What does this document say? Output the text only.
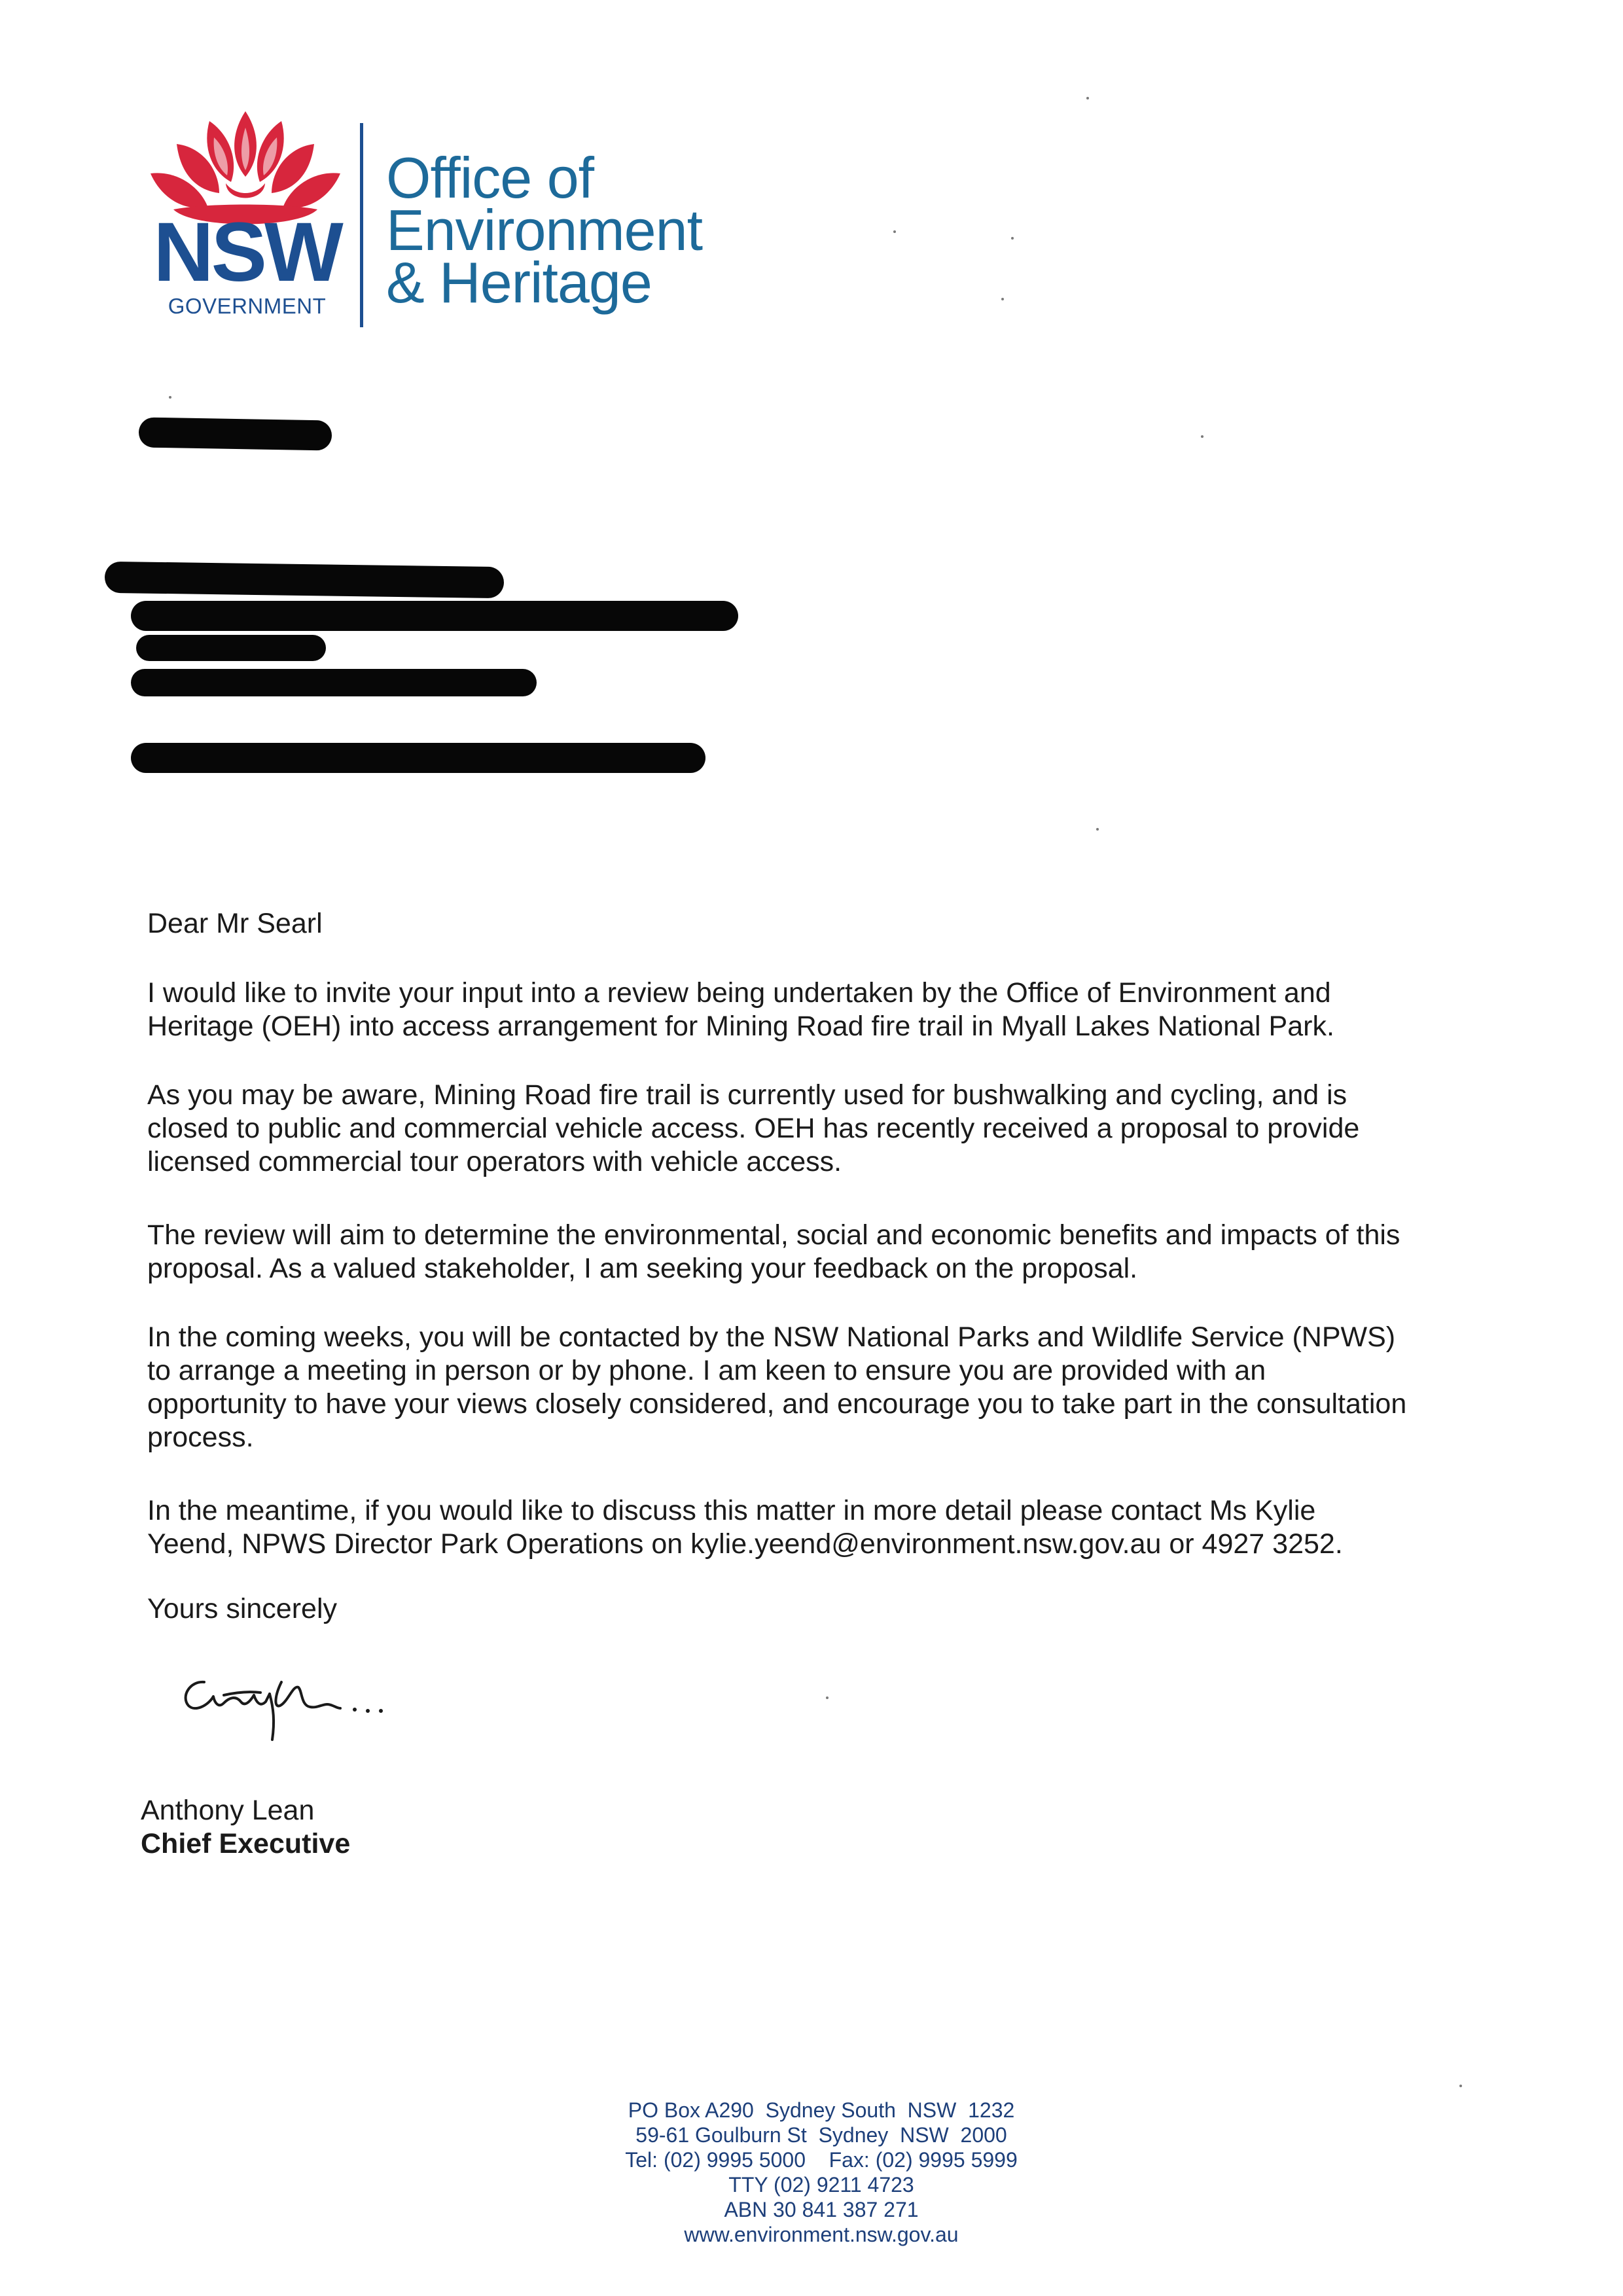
NSW
GOVERNMENT
Office of
Environment
& Heritage
Dear Mr Searl
I would like to invite your input into a review being undertaken by the Office of Environment and
Heritage (OEH) into access arrangement for Mining Road fire trail in Myall Lakes National Park.
As you may be aware, Mining Road fire trail is currently used for bushwalking and cycling, and is
closed to public and commercial vehicle access. OEH has recently received a proposal to provide
licensed commercial tour operators with vehicle access.
The review will aim to determine the environmental, social and economic benefits and impacts of this
proposal. As a valued stakeholder, I am seeking your feedback on the proposal.
In the coming weeks, you will be contacted by the NSW National Parks and Wildlife Service (NPWS)
to arrange a meeting in person or by phone. I am keen to ensure you are provided with an
opportunity to have your views closely considered, and encourage you to take part in the consultation
process.
In the meantime, if you would like to discuss this matter in more detail please contact Ms Kylie
Yeend, NPWS Director Park Operations on kylie.yeend@environment.nsw.gov.au or 4927 3252.
Yours sincerely
Anthony Lean
Chief Executive
PO Box A290  Sydney South  NSW  1232
59-61 Goulburn St  Sydney  NSW  2000
Tel: (02) 9995 5000    Fax: (02) 9995 5999
TTY (02) 9211 4723
ABN 30 841 387 271
www.environment.nsw.gov.au
